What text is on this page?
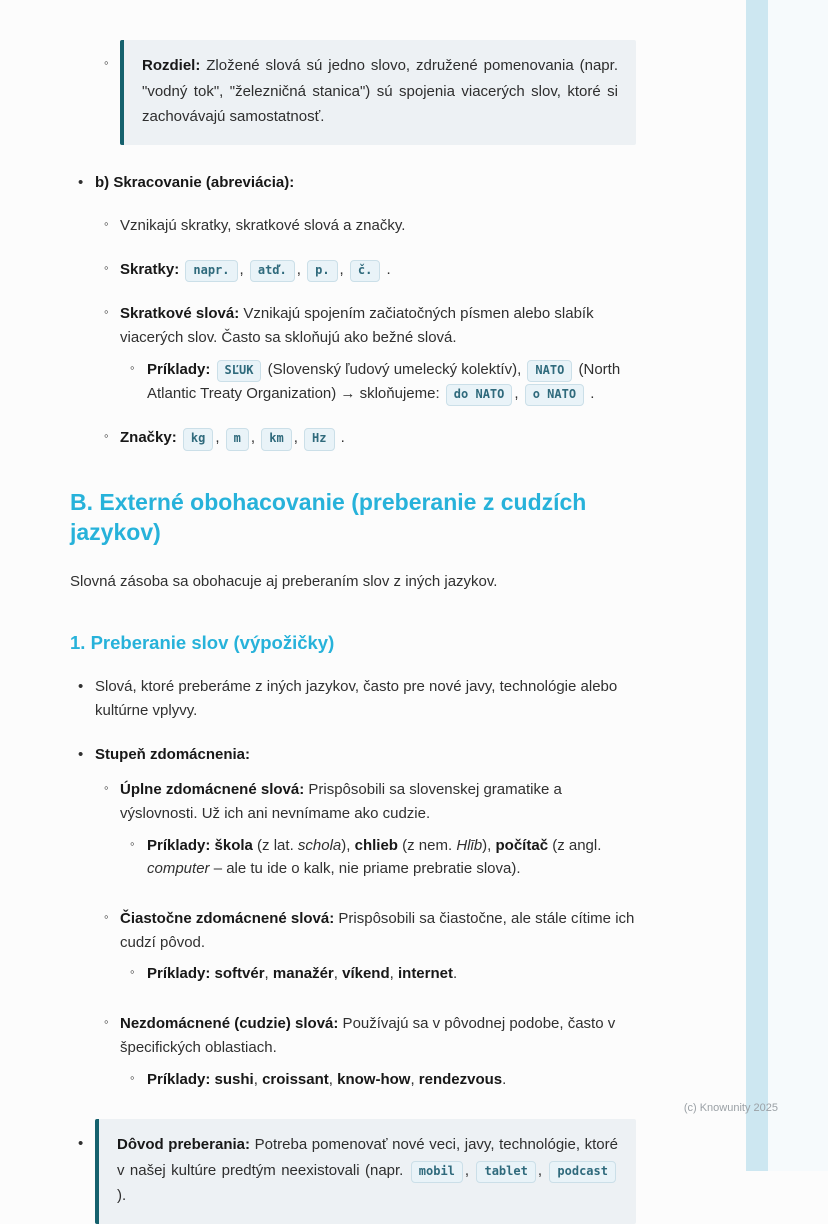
◦	Rozdiel: Zložené slová sú jedno slovo, združené pomenovania (napr. "vodný tok", "železničná stanica") sú spojenia viacerých slov, ktoré si zachovávajú samostatnosť.
• b) Skracovanie (abreviácia):
◦ Vznikajú skratky, skratkové slová a značky.
◦ Skratky: napr. , atď. , p. , č. .
◦ Skratkové slová: Vznikajú spojením začiatočných písmen alebo slabík viacerých slov. Často sa skloňujú ako bežné slová.
◦ Príklady: SĽUK (Slovenský ľudový umelecký kolektív), NATO (North Atlantic Treaty Organization) → skloňujeme: do NATO , o NATO .
◦ Značky: kg , m , km , Hz .
B. Externé obohacovanie (preberanie z cudzích jazykov)

Slovná zásoba sa obohacuje aj preberaním slov z iných jazykov.

1. Preberanie slov (výpožičky)
• Slová, ktoré preberáme z iných jazykov, často pre nové javy, technológie alebo kultúrne vplyvy.
• Stupeň zdomácnenia:
◦ Úplne zdomácnené slová: Prispôsobili sa slovenskej gramatike a výslovnosti. Už ich ani nevnímame ako cudzie.
◦ Príklady: škola (z lat. schola), chlieb (z nem. Hlīb), počítač (z angl. computer – ale tu ide o kalk, nie priame prebratie slova).
◦ Čiastočne zdomácnené slová: Prispôsobili sa čiastočne, ale stále cítime ich cudzí pôvod.
◦ Príklady: softvér, manažér, víkend, internet.
◦ Nezdomácnené (cudzie) slová: Používajú sa v pôvodnej podobe, často v špecifických oblastiach.
◦ Príklady: sushi, croissant, know-how, rendezvous.
•	Dôvod preberania: Potreba pomenovať nové veci, javy, technológie, ktoré v našej kultúre predtým neexistovali (napr. mobil , tablet , podcast ).
(c) Knowunity 2025
